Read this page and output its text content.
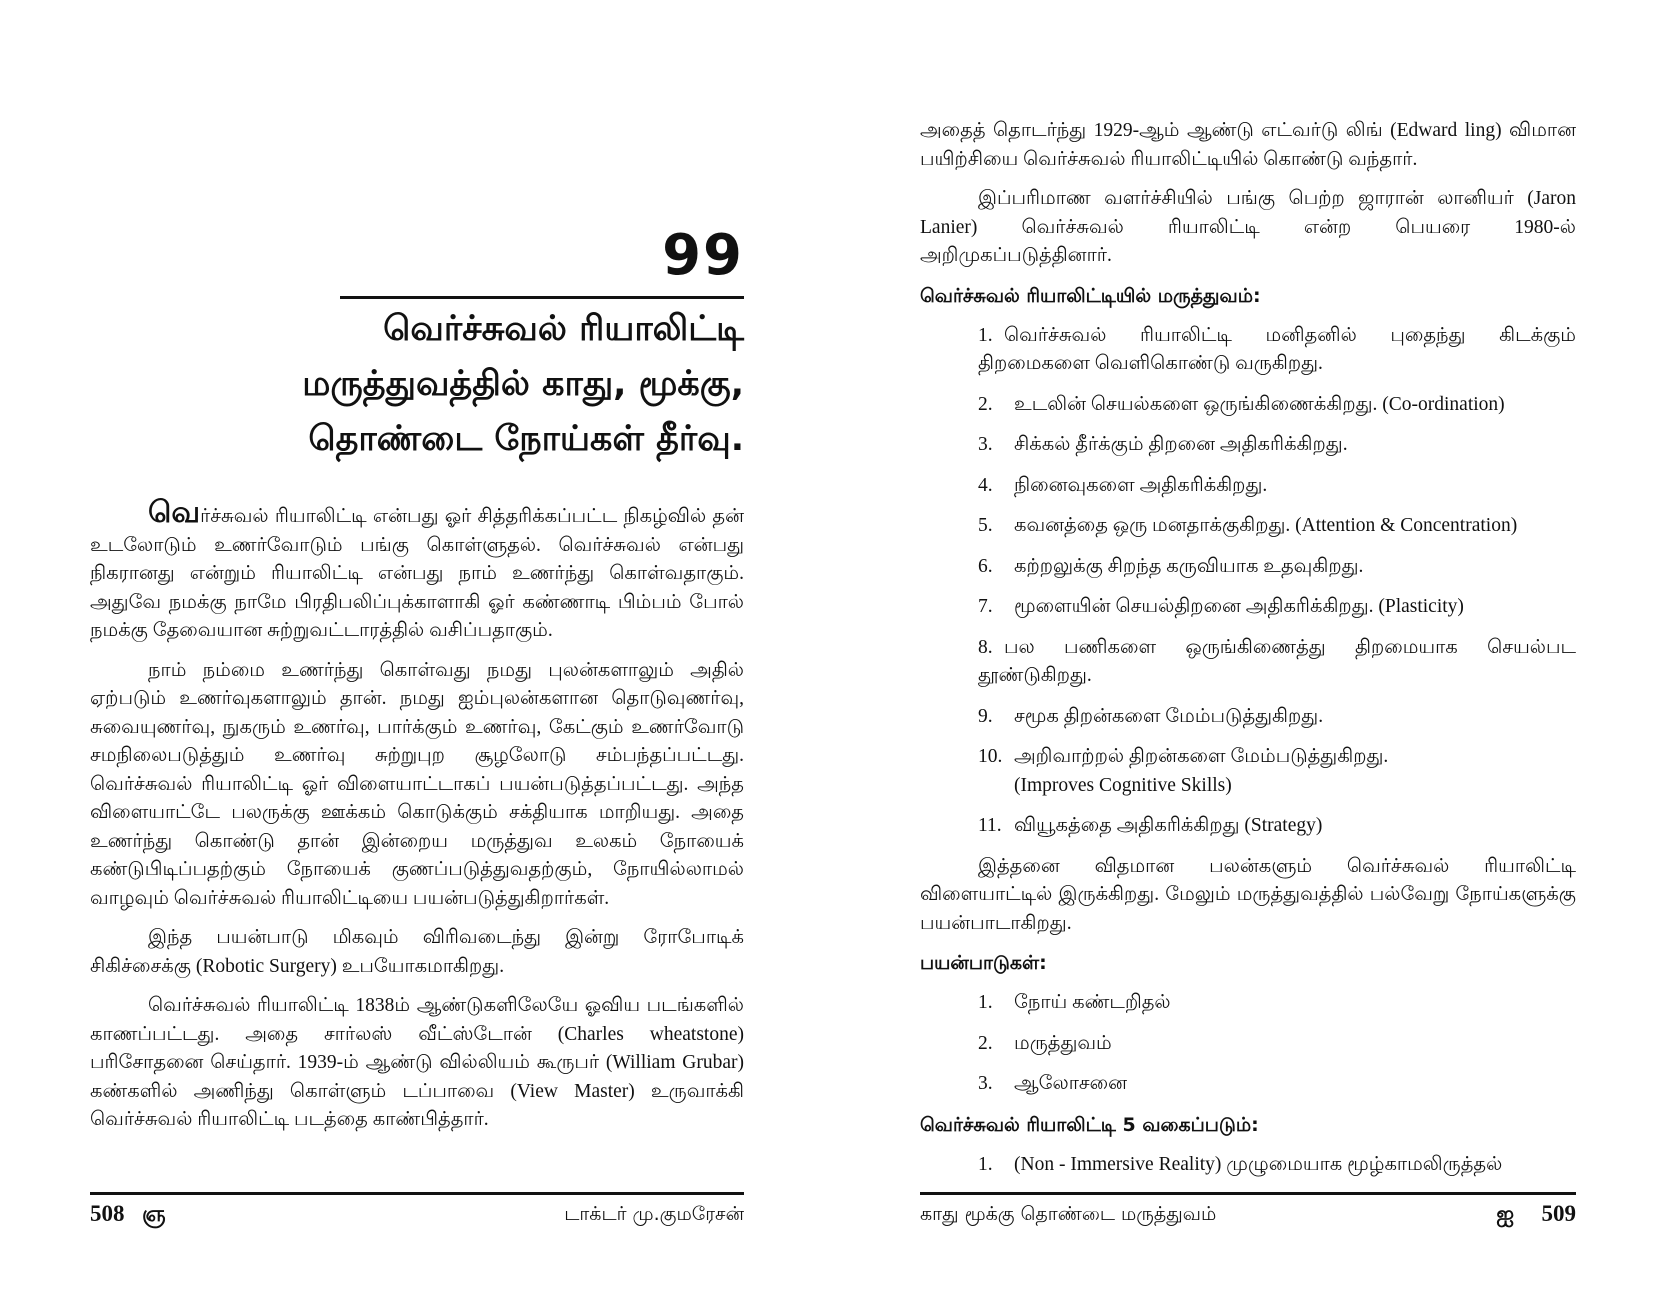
99
வெர்ச்சுவல் ரியாலிட்டி
மருத்துவத்தில் காது, மூக்கு,
தொண்டை நோய்கள் தீர்வு.

வெர்ச்சுவல் ரியாலிட்டி என்பது ஓர் சித்தரிக்கப்பட்ட நிகழ்வில் தன் உடலோடும் உணர்வோடும் பங்கு கொள்ளுதல். வெர்ச்சுவல் என்பது நிகரானது என்றும் ரியாலிட்டி என்பது நாம் உணர்ந்து கொள்வதாகும். அதுவே நமக்கு நாமே பிரதிபலிப்புக்காளாகி ஓர் கண்ணாடி பிம்பம் போல் நமக்கு தேவையான சுற்றுவட்டாரத்தில் வசிப்பதாகும்.

நாம் நம்மை உணர்ந்து கொள்வது நமது புலன்களாலும் அதில் ஏற்படும் உணர்வுகளாலும் தான். நமது ஐம்புலன்களான தொடுவுணர்வு, சுவையுணர்வு, நுகரும் உணர்வு, பார்க்கும் உணர்வு, கேட்கும் உணர்வோடு சமநிலைபடுத்தும் உணர்வு சுற்றுபுற சூழலோடு சம்பந்தப்பட்டது. வெர்ச்சுவல் ரியாலிட்டி ஓர் விளையாட்டாகப் பயன்படுத்தப்பட்டது. அந்த விளையாட்டே பலருக்கு ஊக்கம் கொடுக்கும் சக்தியாக மாறியது. அதை உணர்ந்து கொண்டு தான் இன்றைய மருத்துவ உலகம் நோயைக் கண்டுபிடிப்பதற்கும் நோயைக் குணப்படுத்துவதற்கும், நோயில்லாமல் வாழவும் வெர்ச்சுவல் ரியாலிட்டியை பயன்படுத்துகிறார்கள்.

இந்த பயன்பாடு மிகவும் விரிவடைந்து இன்று ரோபோடிக் சிகிச்சைக்கு (Robotic Surgery) உபயோகமாகிறது.

வெர்ச்சுவல் ரியாலிட்டி 1838ம் ஆண்டுகளிலேயே ஓவிய படங்களில் காணப்பட்டது. அதை சார்லஸ் வீட்ஸ்டோன் (Charles wheatstone) பரிசோதனை செய்தார். 1939-ம் ஆண்டு வில்லியம் கூருபர் (William Grubar) கண்களில் அணிந்து கொள்ளும் டப்பாவை (View Master) உருவாக்கி வெர்ச்சுவல் ரியாலிட்டி படத்தை காண்பித்தார்.

508 ஞ	டாக்டர் மு.குமரேசன்

அதைத் தொடர்ந்து 1929-ஆம் ஆண்டு எட்வர்டு லிங் (Edward ling) விமான பயிற்சியை வெர்ச்சுவல் ரியாலிட்டியில் கொண்டு வந்தார்.

இப்பரிமாண வளர்ச்சியில் பங்கு பெற்ற ஜாரான் லானியர் (Jaron Lanier) வெர்ச்சுவல் ரியாலிட்டி என்ற பெயரை 1980-ல் அறிமுகப்படுத்தினார்.

வெர்ச்சுவல் ரியாலிட்டியில் மருத்துவம்:
1. வெர்ச்சுவல் ரியாலிட்டி மனிதனில் புதைந்து கிடக்கும் திறமைகளை வெளிகொண்டு வருகிறது.
2. உடலின் செயல்களை ஒருங்கிணைக்கிறது. (Co-ordination)
3. சிக்கல் தீர்க்கும் திறனை அதிகரிக்கிறது.
4. நினைவுகளை அதிகரிக்கிறது.
5. கவனத்தை ஒரு மனதாக்குகிறது. (Attention & Concentration)
6. கற்றலுக்கு சிறந்த கருவியாக உதவுகிறது.
7. மூளையின் செயல்திறனை அதிகரிக்கிறது. (Plasticity)
8. பல பணிகளை ஒருங்கிணைத்து திறமையாக செயல்பட தூண்டுகிறது.
9. சமூக திறன்களை மேம்படுத்துகிறது.
10. அறிவாற்றல் திறன்களை மேம்படுத்துகிறது.
(Improves Cognitive Skills)
11. வியூகத்தை அதிகரிக்கிறது (Strategy)

இத்தனை விதமான பலன்களும் வெர்ச்சுவல் ரியாலிட்டி விளையாட்டில் இருக்கிறது. மேலும் மருத்துவத்தில் பல்வேறு நோய்களுக்கு பயன்பாடாகிறது.

பயன்பாடுகள்:
1. நோய் கண்டறிதல்
2. மருத்துவம்
3. ஆலோசனை
வெர்ச்சுவல் ரியாலிட்டி 5 வகைப்படும்:
1. (Non - Immersive Reality) முழுமையாக மூழ்காமலிருத்தல்
காது மூக்கு தொண்டை மருத்துவம்	ஐ 509
